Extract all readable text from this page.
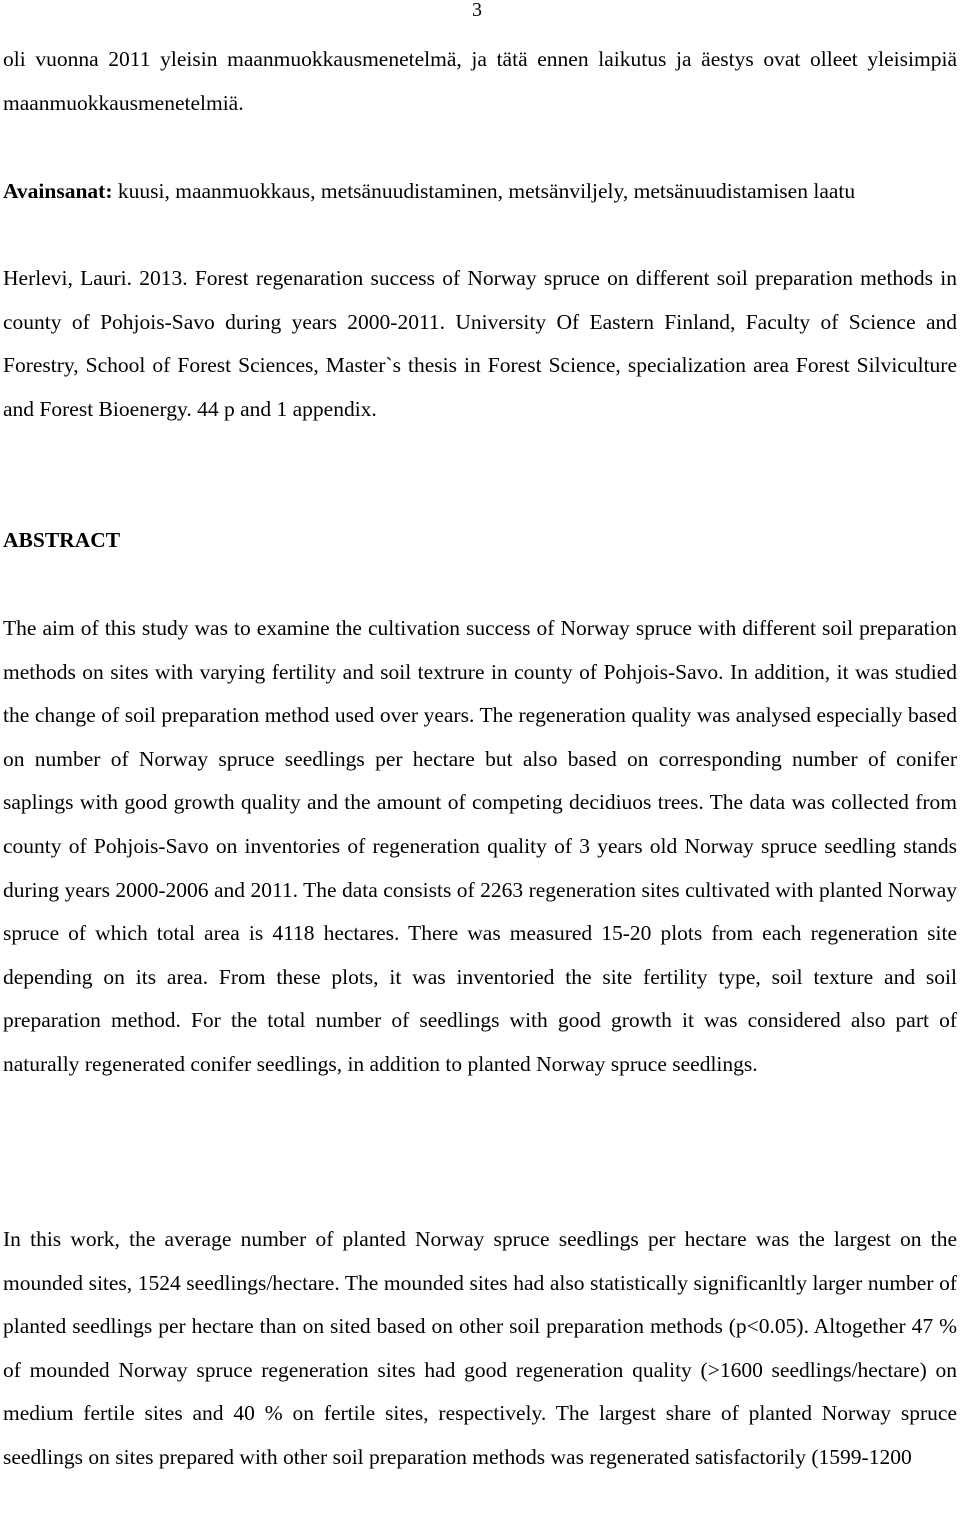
3

oli vuonna 2011 yleisin maanmuokkausmenetelmä, ja tätä ennen laikutus ja äestys ovat olleet yleisimpiä maanmuokkausmenetelmiä.

Avainsanat: kuusi, maanmuokkaus, metsänuudistaminen, metsänviljely, metsänuudistamisen laatu

Herlevi, Lauri. 2013. Forest regenaration success of Norway spruce on different soil preparation methods in county of Pohjois-Savo during years 2000-2011. University Of Eastern Finland, Faculty of Science and Forestry, School of Forest Sciences, Master`s thesis in Forest Science, specialization area Forest Silviculture and Forest Bioenergy. 44 p and 1 appendix.

ABSTRACT

The aim of this study was to examine the cultivation success of Norway spruce with different soil preparation methods on sites with varying fertility and soil textrure in county of Pohjois-Savo. In addition, it was studied the change of soil preparation method used over years. The regeneration quality was analysed especially based on number of Norway spruce seedlings per hectare but also based on corresponding number of conifer saplings with good growth quality and the amount of competing decidiuos trees. The data was collected from county of Pohjois-Savo on inventories of regeneration quality of 3 years old Norway spruce seedling stands during years 2000-2006 and 2011. The data consists of 2263 regeneration sites cultivated with planted Norway spruce of which total area is 4118 hectares. There was measured 15-20 plots from each regeneration site depending on its area. From these plots, it was inventoried the site fertility type, soil texture and soil preparation method. For the total number of seedlings with good growth it was considered also part of naturally regenerated conifer seedlings, in addition to planted Norway spruce seedlings.

In this work, the average number of planted Norway spruce seedlings per hectare was the largest on the mounded sites, 1524 seedlings/hectare. The mounded sites had also statistically significanltly larger number of planted seedlings per hectare than on sited based on other soil preparation methods (p<0.05). Altogether 47 % of mounded Norway spruce regeneration sites had good regeneration quality (>1600 seedlings/hectare) on medium fertile sites and 40 % on fertile sites, respectively. The largest share of planted Norway spruce seedlings on sites prepared with other soil preparation methods was regenerated satisfactorily (1599-1200
